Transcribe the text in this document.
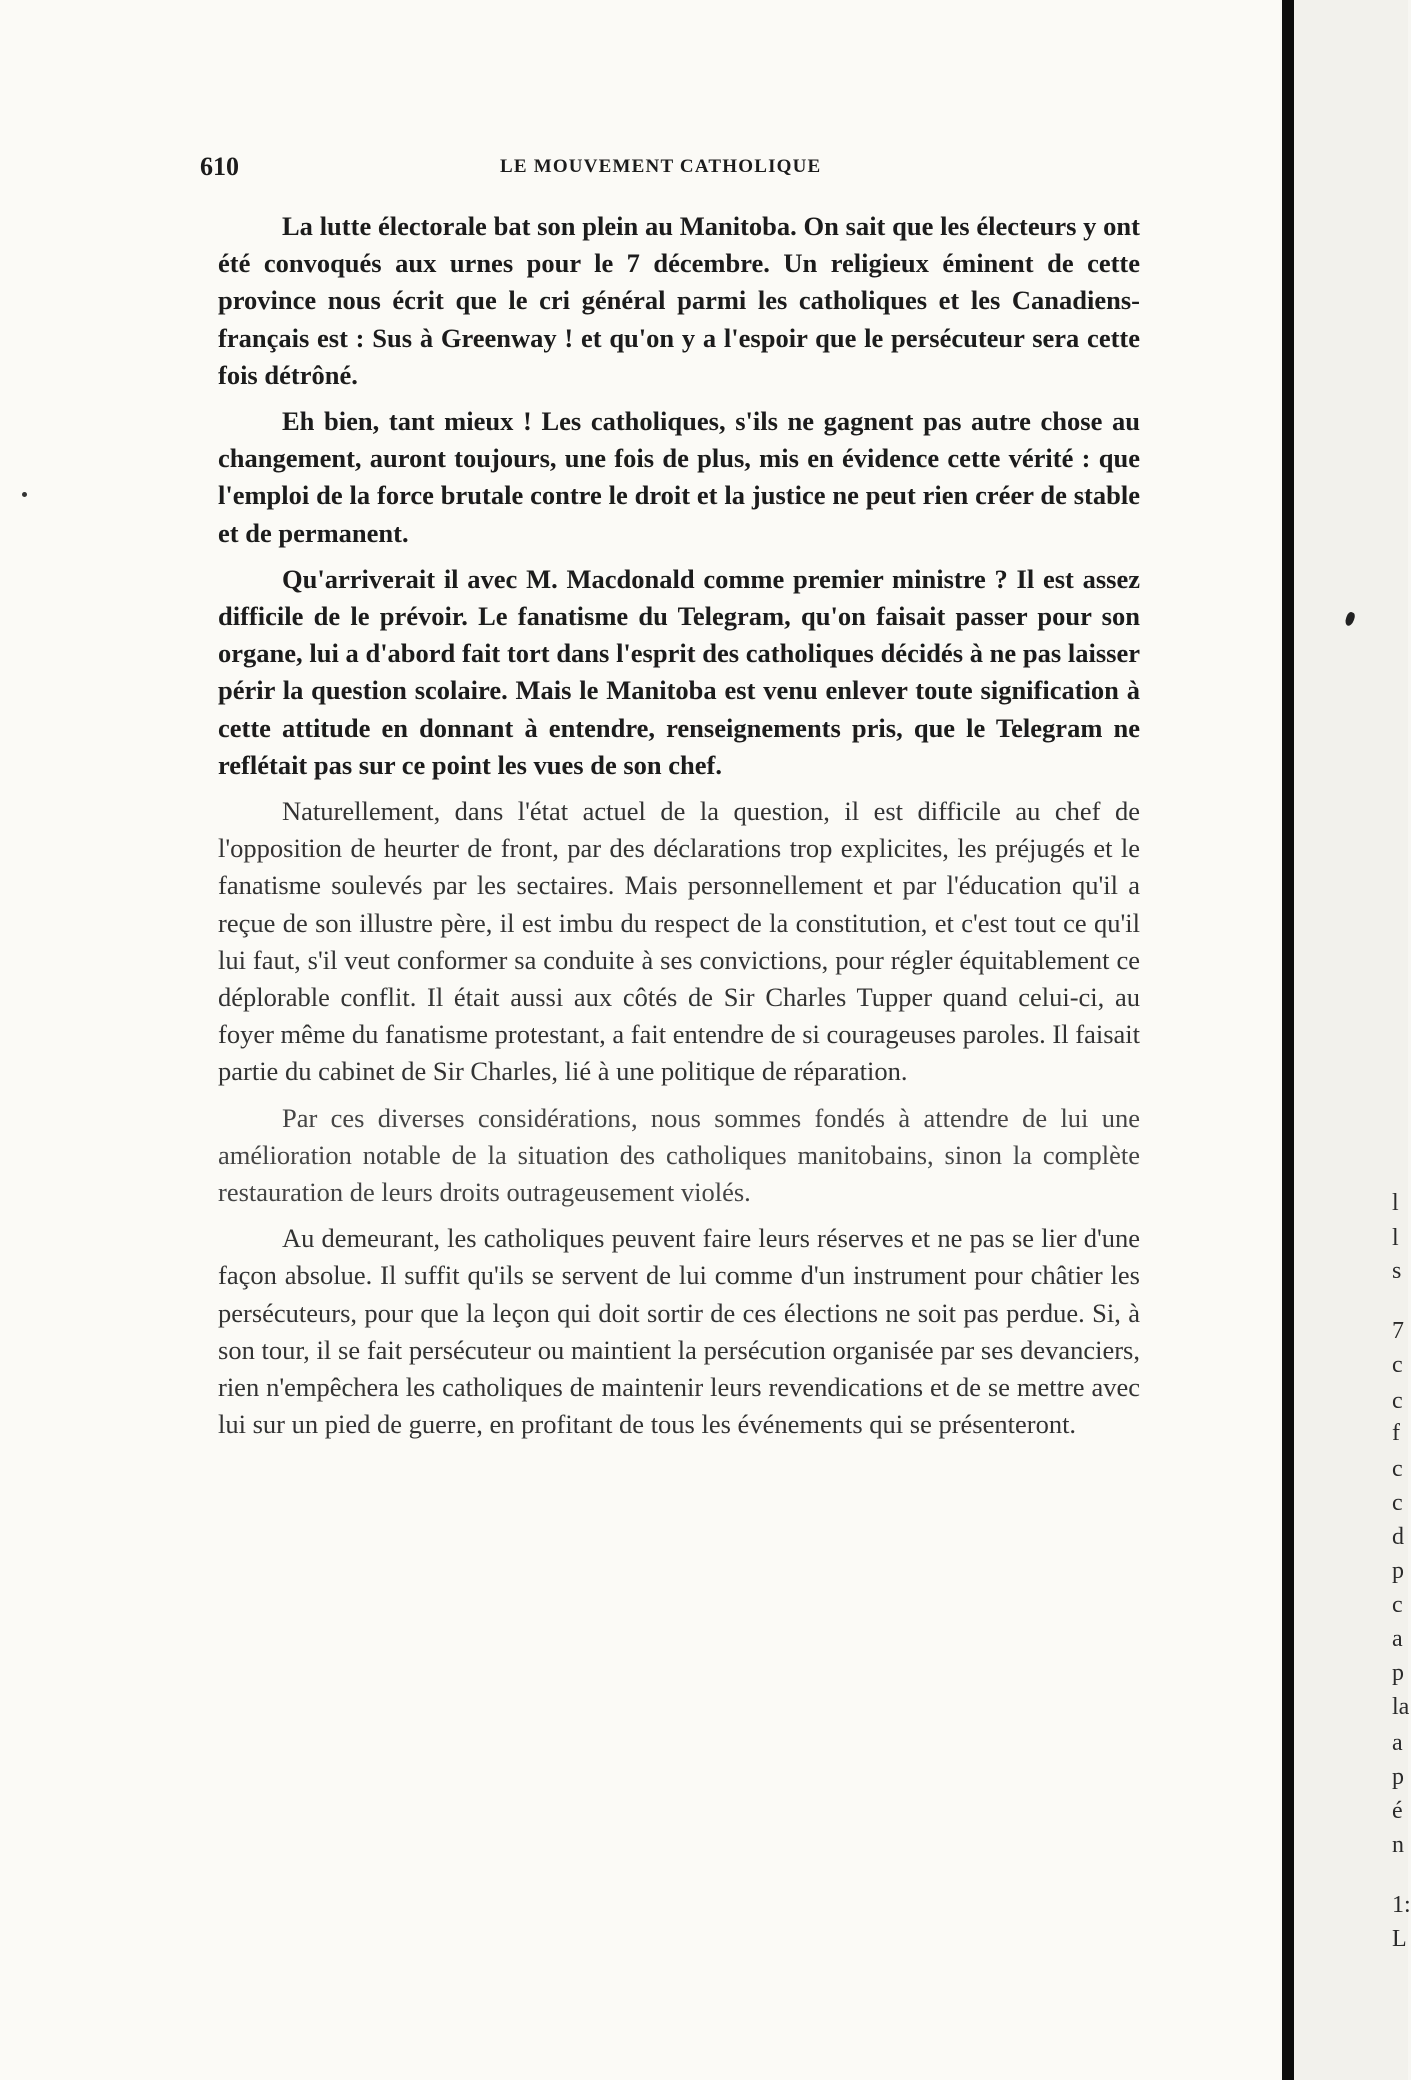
610	LE MOUVEMENT CATHOLIQUE

La lutte électorale bat son plein au Manitoba. On sait que les électeurs y ont été convoqués aux urnes pour le 7 décembre. Un religieux éminent de cette province nous écrit que le cri général parmi les catholiques et les Canadiens-français est : Sus à Greenway ! et qu'on y a l'espoir que le persécuteur sera cette fois détrôné.

Eh bien, tant mieux ! Les catholiques, s'ils ne gagnent pas autre chose au changement, auront toujours, une fois de plus, mis en évidence cette vérité : que l'emploi de la force brutale contre le droit et la justice ne peut rien créer de stable et de permanent.

Qu'arriverait il avec M. Macdonald comme premier ministre ? Il est assez difficile de le prévoir. Le fanatisme du Telegram, qu'on faisait passer pour son organe, lui a d'abord fait tort dans l'esprit des catholiques décidés à ne pas laisser périr la question scolaire. Mais le Manitoba est venu enlever toute signification à cette attitude en donnant à entendre, renseignements pris, que le Telegram ne reflétait pas sur ce point les vues de son chef.

Naturellement, dans l'état actuel de la question, il est difficile au chef de l'opposition de heurter de front, par des déclarations trop explicites, les préjugés et le fanatisme soulevés par les sectaires. Mais personnellement et par l'éducation qu'il a reçue de son illustre père, il est imbu du respect de la constitution, et c'est tout ce qu'il lui faut, s'il veut conformer sa conduite à ses convictions, pour régler équitablement ce déplorable conflit. Il était aussi aux côtés de Sir Charles Tupper quand celui-ci, au foyer même du fanatisme protestant, a fait entendre de si courageuses paroles. Il faisait partie du cabinet de Sir Charles, lié à une politique de réparation.

Par ces diverses considérations, nous sommes fondés à attendre de lui une amélioration notable de la situation des catholiques manitobains, sinon la complète restauration de leurs droits outrageusement violés.

Au demeurant, les catholiques peuvent faire leurs réserves et ne pas se lier d'une façon absolue. Il suffit qu'ils se servent de lui comme d'un instrument pour châtier les persécuteurs, pour que la leçon qui doit sortir de ces élections ne soit pas perdue. Si, à son tour, il se fait persécuteur ou maintient la persécution organisée par ses devanciers, rien n'empêchera les catholiques de maintenir leurs revendications et de se mettre avec lui sur un pied de guerre, en profitant de tous les événements qui se présenteront.

l
l
s
7
c
c
f
c
c
d
p
c
a
p
la
a
p
é
n
1:
L
